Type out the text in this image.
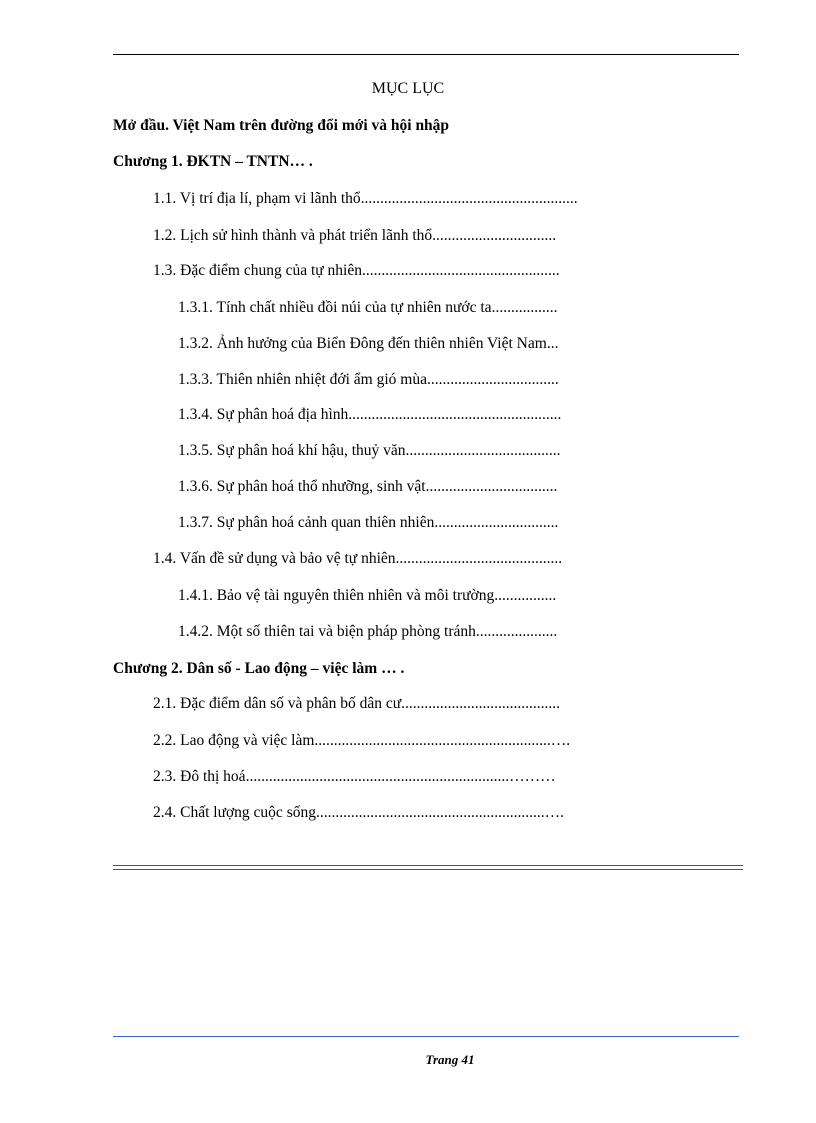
MỤC LỤC
Mở đầu. Việt Nam trên đường đổi mới và hội nhập
Chương 1. ĐKTN – TNTN… .
1.1. Vị trí địa lí, phạm vi lãnh thổ........................................................
1.2. Lịch sử hình thành và phát triển lãnh thổ................................
1.3. Đặc điểm chung của tự nhiên...................................................
1.3.1. Tính chất nhiều đồi núi của tự nhiên nước ta.................
1.3.2. Ảnh hưởng của Biển Đông đến thiên nhiên Việt Nam...
1.3.3. Thiên nhiên nhiệt đới ẩm gió mùa..................................
1.3.4. Sự phân hoá địa hình.......................................................
1.3.5. Sự phân hoá khí hậu, thuỷ văn........................................
1.3.6. Sự phân hoá thổ nhưỡng, sinh vật..................................
1.3.7. Sự phân hoá cảnh quan thiên nhiên................................
1.4. Vấn đề sử dụng và bảo vệ tự nhiên...........................................
1.4.1. Bảo vệ tài nguyên thiên nhiên và môi trường................
1.4.2. Một số thiên tai và biện pháp phòng tránh.....................
Chương 2. Dân số - Lao động – việc làm … .
2.1. Đặc điểm dân số và phân bố dân cư.........................................
2.2. Lao động và việc làm.............................................................….
2.3. Đô thị hoá....................................................................………
2.4. Chất lượng cuộc sống...........................................................….
Trang 41
